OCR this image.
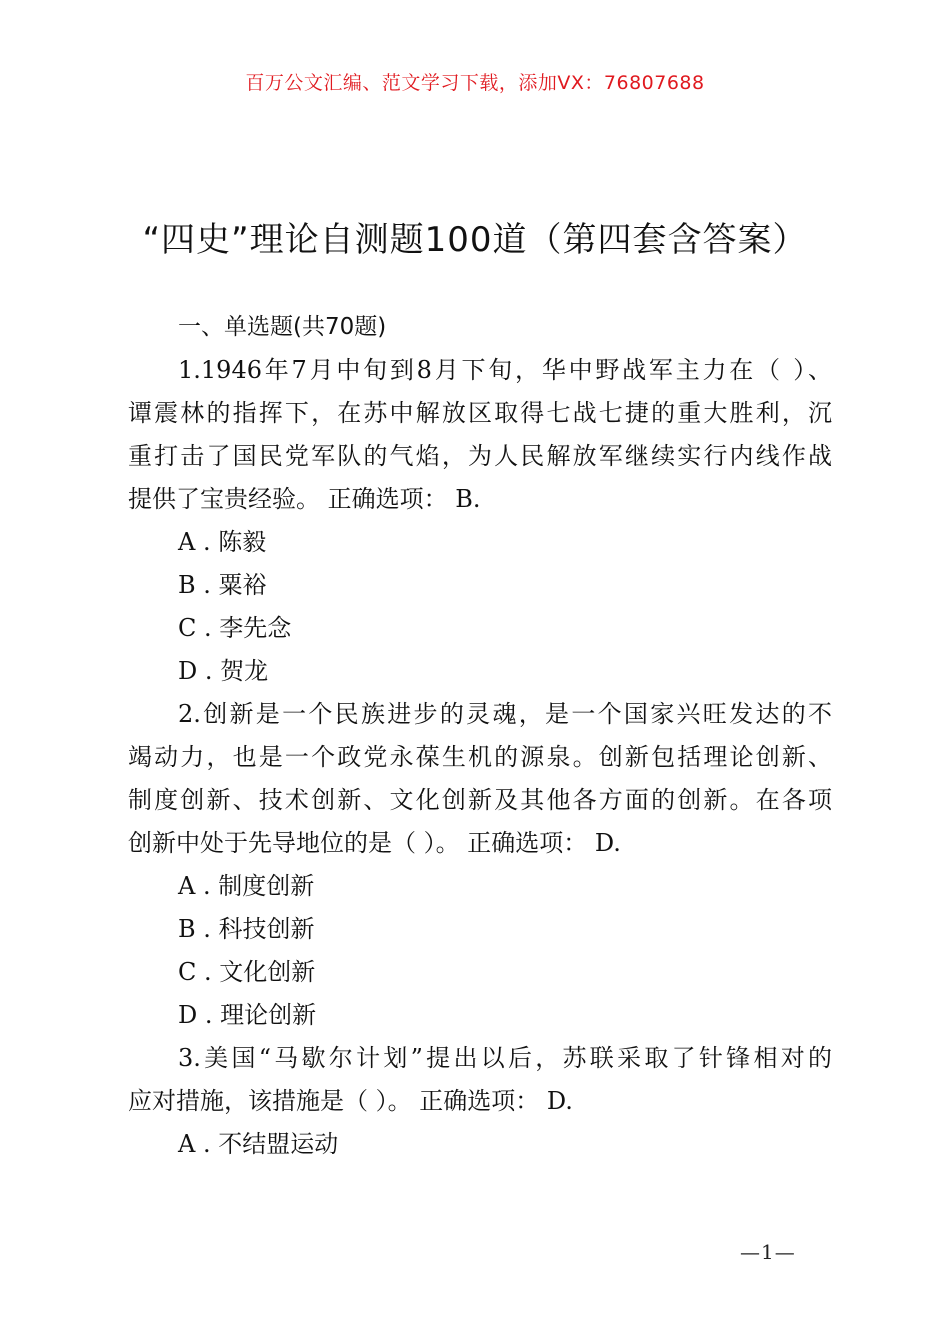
百万公文汇编、范文学习下载，添加VX：76807688
“四史”理论自测题100道（第四套含答案）
一、单选题(共70题)
1.1946年7月中旬到8月下旬，华中野战军主力在（ ）、
谭震林的指挥下，在苏中解放区取得七战七捷的重大胜利，沉
重打击了国民党军队的气焰，为人民解放军继续实行内线作战
提供了宝贵经验。 正确选项： B.
A . 陈毅
B . 粟裕
C . 李先念
D . 贺龙
2.创新是一个民族进步的灵魂，是一个国家兴旺发达的不
竭动力，也是一个政党永葆生机的源泉。创新包括理论创新、
制度创新、技术创新、文化创新及其他各方面的创新。在各项
创新中处于先导地位的是（ ）。 正确选项： D.
A . 制度创新
B . 科技创新
C . 文化创新
D . 理论创新
3.美国“马歇尔计划”提出以后，苏联采取了针锋相对的
应对措施，该措施是（ ）。 正确选项： D.
A . 不结盟运动
—1—
